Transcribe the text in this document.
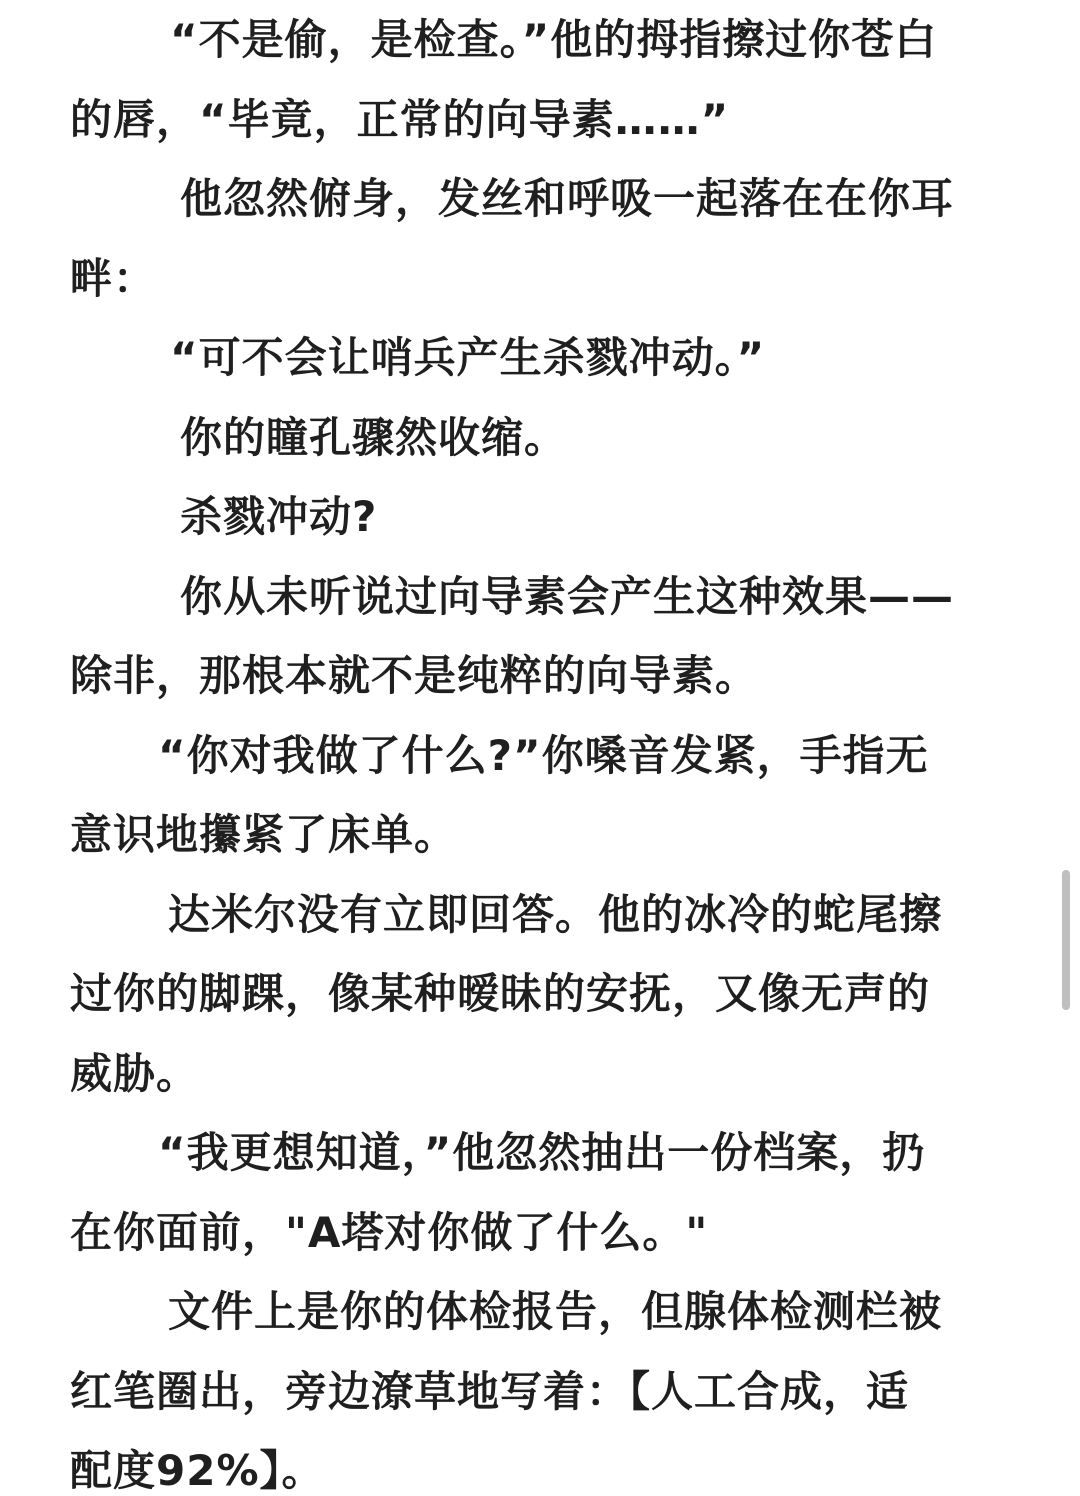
“不是偷，是检查。”他的拇指擦过你苍白
的唇，“毕竟，正常的向导素……”

他忽然俯身，发丝和呼吸一起落在在你耳
畔：

“可不会让哨兵产生杀戮冲动。”

你的瞳孔骤然收缩。

杀戮冲动?

你从未听说过向导素会产生这种效果——
除非，那根本就不是纯粹的向导素。

“你对我做了什么?”你嗓音发紧，手指无
意识地攥紧了床单。

达米尔没有立即回答。他的冰冷的蛇尾擦
过你的脚踝，像某种暧昧的安抚，又像无声的
威胁。

“我更想知道，”他忽然抽出一份档案，扔
在你面前，"A塔对你做了什么。"

文件上是你的体检报告，但腺体检测栏被
红笔圈出，旁边潦草地写着：【人工合成，适
配度92%】。
